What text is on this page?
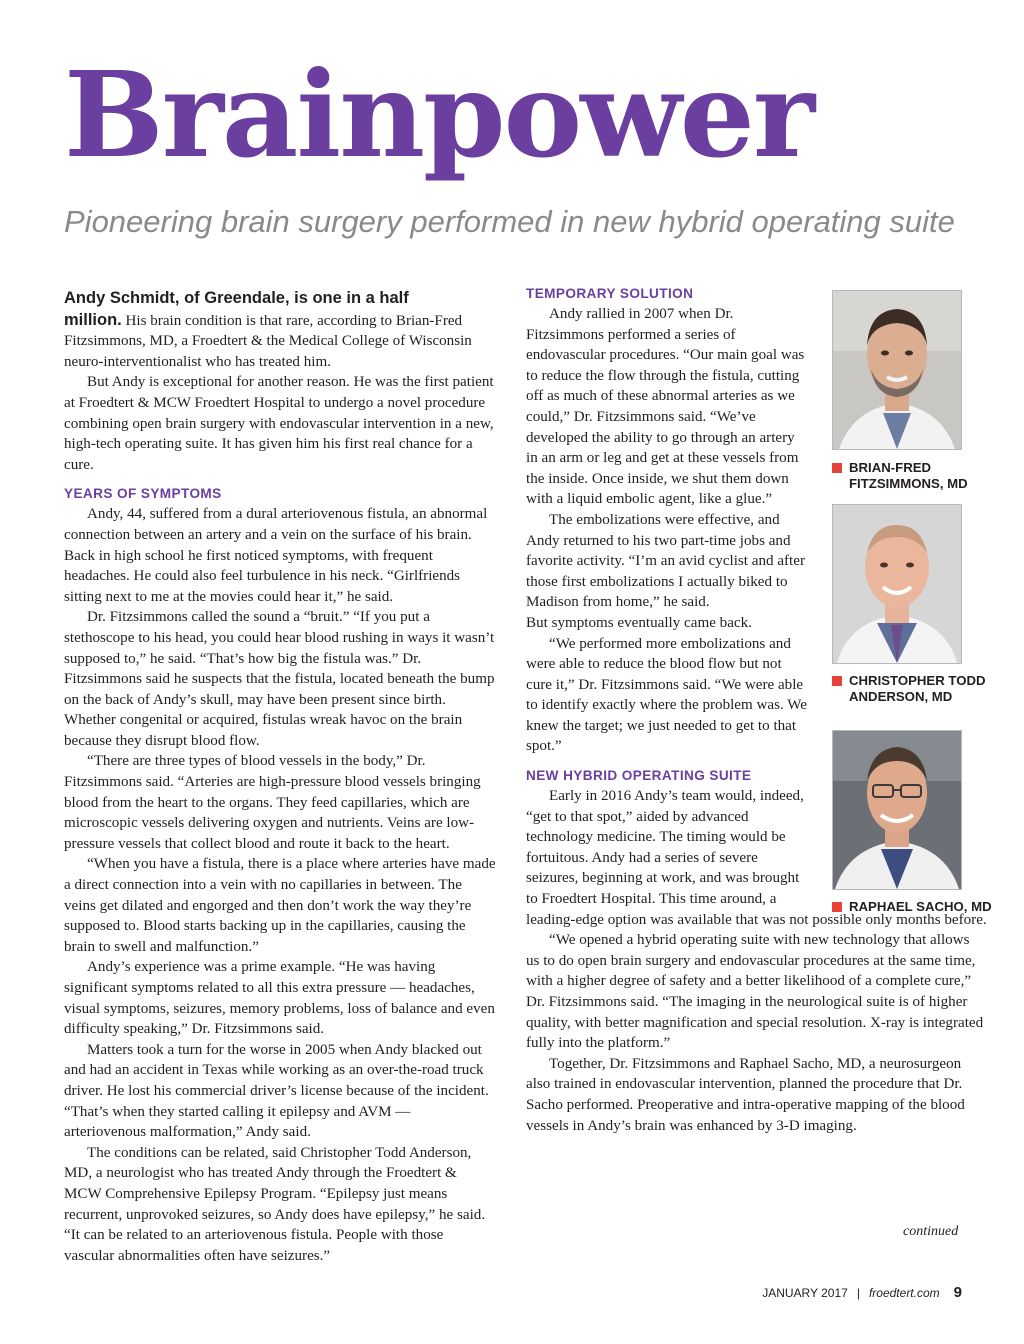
Brainpower
Pioneering brain surgery performed in new hybrid operating suite

Andy Schmidt, of Greendale, is one in a half
million. His brain condition is that rare, according to Brian-Fred Fitzsimmons, MD, a Froedtert & the Medical College of Wisconsin neuro-interventionalist who has treated him.

But Andy is exceptional for another reason. He was the first patient at Froedtert & MCW Froedtert Hospital to undergo a novel procedure combining open brain surgery with endovascular intervention in a new, high-tech operating suite. It has given him his first real chance for a cure.

YEARS OF SYMPTOMS

Andy, 44, suffered from a dural arteriovenous fistula, an abnormal connection between an artery and a vein on the surface of his brain. Back in high school he first noticed symptoms, with frequent headaches. He could also feel turbulence in his neck. “Girlfriends sitting next to me at the movies could hear it,” he said.

Dr. Fitzsimmons called the sound a “bruit.” “If you put a stethoscope to his head, you could hear blood rushing in ways it wasn’t supposed to,” he said. “That’s how big the fistula was.” Dr. Fitzsimmons said he suspects that the fistula, located beneath the bump on the back of Andy’s skull, may have been present since birth. Whether congenital or acquired, fistulas wreak havoc on the brain because they disrupt blood flow.

“There are three types of blood vessels in the body,” Dr. Fitzsimmons said. “Arteries are high-pressure blood vessels bringing blood from the heart to the organs. They feed capillaries, which are microscopic vessels delivering oxygen and nutrients. Veins are low-pressure vessels that collect blood and route it back to the heart.

“When you have a fistula, there is a place where arteries have made a direct connection into a vein with no capillaries in between. The veins get dilated and engorged and then don’t work the way they’re supposed to. Blood starts backing up in the capillaries, causing the brain to swell and malfunction.”

Andy’s experience was a prime example. “He was having significant symptoms related to all this extra pressure — headaches, visual symptoms, seizures, memory problems, loss of balance and even difficulty speaking,” Dr. Fitzsimmons said.

Matters took a turn for the worse in 2005 when Andy blacked out and had an accident in Texas while working as an over-the-road truck driver. He lost his commercial driver’s license because of the incident. “That’s when they started calling it epilepsy and AVM — arteriovenous malformation,” Andy said.

The conditions can be related, said Christopher Todd Anderson, MD, a neurologist who has treated Andy through the Froedtert & MCW Comprehensive Epilepsy Program. “Epilepsy just means recurrent, unprovoked seizures, so Andy does have epilepsy,” he said. “It can be related to an arteriovenous fistula. People with those vascular abnormalities often have seizures.”

TEMPORARY SOLUTION

Andy rallied in 2007 when Dr. Fitzsimmons performed a series of endovascular procedures. “Our main goal was to reduce the flow through the fistula, cutting off as much of these abnormal arteries as we could,” Dr. Fitzsimmons said. “We’ve developed the ability to go through an artery in an arm or leg and get at these vessels from the inside. Once inside, we shut them down with a liquid embolic agent, like a glue.”

The embolizations were effective, and Andy returned to his two part-time jobs and favorite activity. “I’m an avid cyclist and after those first embolizations I actually biked to Madison from home,” he said.

But symptoms eventually came back.

“We performed more embolizations and were able to reduce the blood flow but not cure it,” Dr. Fitzsimmons said. “We were able to identify exactly where the problem was. We knew the target; we just needed to get to that spot.”

NEW HYBRID OPERATING SUITE

Early in 2016 Andy’s team would, indeed, “get to that spot,” aided by advanced technology medicine. The timing would be fortuitous. Andy had a series of severe seizures, beginning at work, and was brought to Froedtert Hospital. This time around, a

leading-edge option was available that was not possible only months before.

“We opened a hybrid operating suite with new technology that allows us to do open brain surgery and endovascular procedures at the same time, with a higher degree of safety and a better likelihood of a complete cure,” Dr. Fitzsimmons said. “The imaging in the neurological suite is of higher quality, with better magnification and special resolution. X-ray is integrated fully into the platform.”

Together, Dr. Fitzsimmons and Raphael Sacho, MD, a neurosurgeon also trained in endovascular intervention, planned the procedure that Dr. Sacho performed. Preoperative and intra-operative mapping of the blood vessels in Andy’s brain was enhanced by 3-D imaging.

BRIAN-FRED FITZSIMMONS, MD
CHRISTOPHER TODD ANDERSON, MD
RAPHAEL SACHO, MD
continued
JANUARY 2017 | froedtert.com 9
